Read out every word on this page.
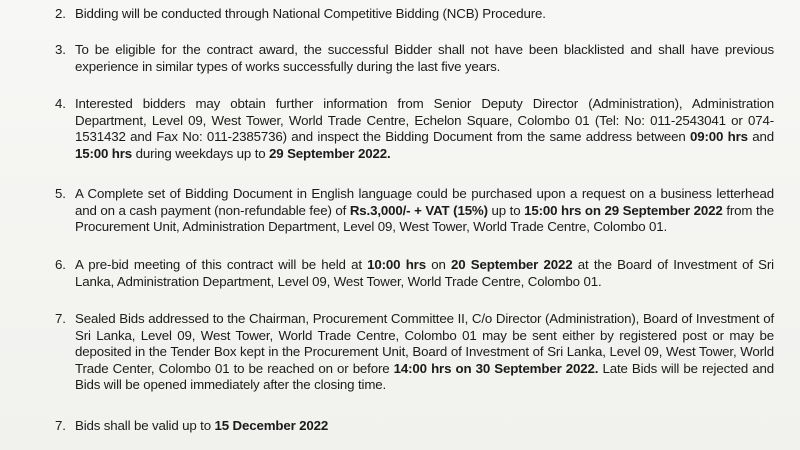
2. Bidding will be conducted through National Competitive Bidding (NCB) Procedure.
3. To be eligible for the contract award, the successful Bidder shall not have been blacklisted and shall have previous experience in similar types of works successfully during the last five years.
4. Interested bidders may obtain further information from Senior Deputy Director (Administration), Administration Department, Level 09, West Tower, World Trade Centre, Echelon Square, Colombo 01 (Tel: No: 011-2543041 or 074-1531432 and Fax No: 011-2385736) and inspect the Bidding Document from the same address between 09:00 hrs and 15:00 hrs during weekdays up to 29 September 2022.
5. A Complete set of Bidding Document in English language could be purchased upon a request on a business letterhead and on a cash payment (non-refundable fee) of Rs.3,000/- + VAT (15%) up to 15:00 hrs on 29 September 2022 from the Procurement Unit, Administration Department, Level 09, West Tower, World Trade Centre, Colombo 01.
6. A pre-bid meeting of this contract will be held at 10:00 hrs on 20 September 2022 at the Board of Investment of Sri Lanka, Administration Department, Level 09, West Tower, World Trade Centre, Colombo 01.
7. Sealed Bids addressed to the Chairman, Procurement Committee II, C/o Director (Administration), Board of Investment of Sri Lanka, Level 09, West Tower, World Trade Centre, Colombo 01 may be sent either by registered post or may be deposited in the Tender Box kept in the Procurement Unit, Board of Investment of Sri Lanka, Level 09, West Tower, World Trade Center, Colombo 01 to be reached on or before 14:00 hrs on 30 September 2022. Late Bids will be rejected and Bids will be opened immediately after the closing time.
7. Bids shall be valid up to 15 December 2022
